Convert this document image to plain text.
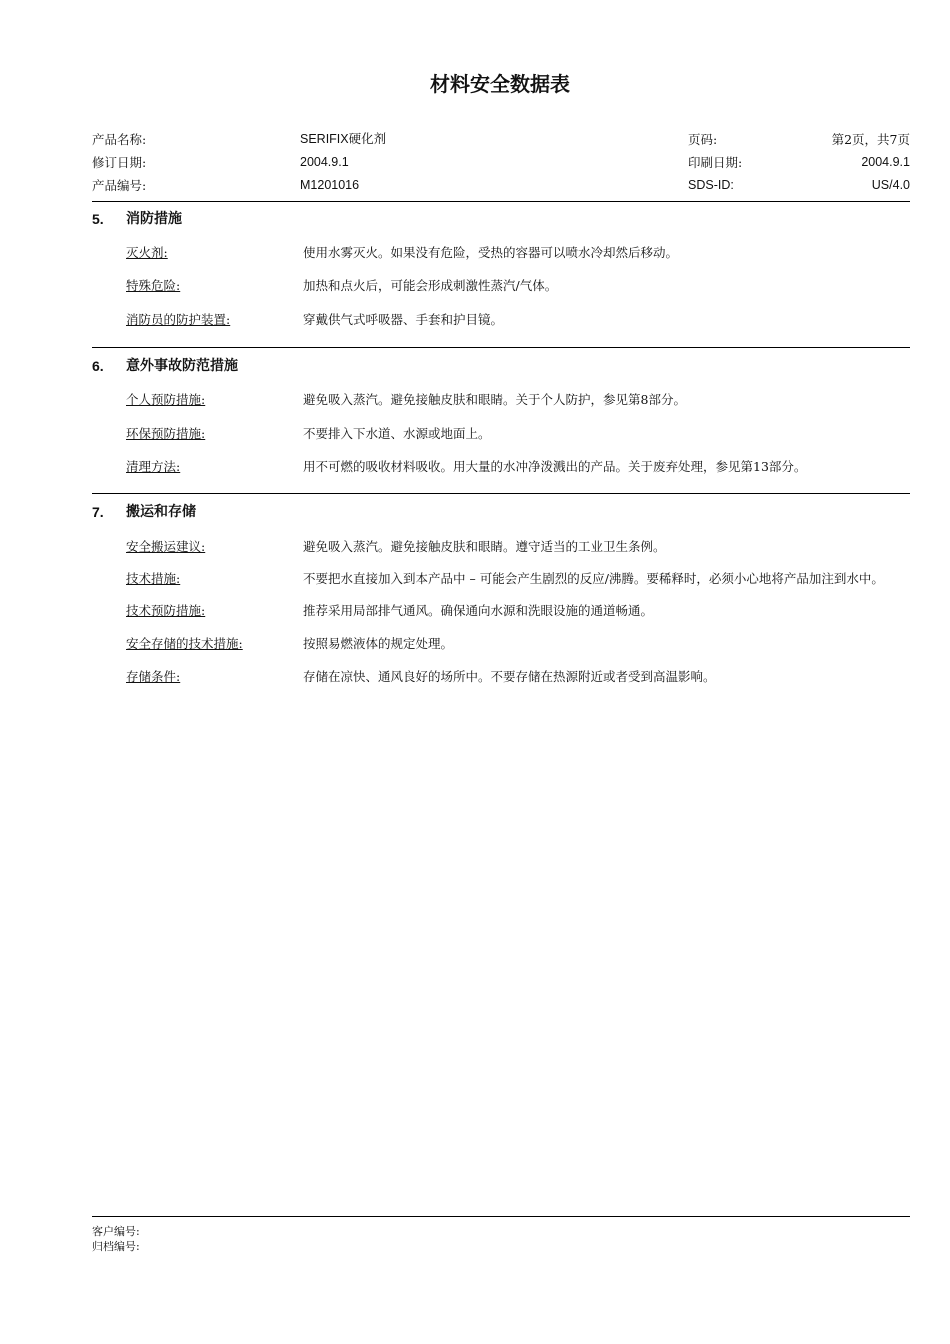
材料安全数据表
产品名称:	SERIFIX硬化剂	页码:	第2页，共7页
修订日期:	2004.9.1	印刷日期:	2004.9.1
产品编号:	M1201016	SDS-ID:	US/4.0
5.	消防措施
灭火剂:	使用水雾灭火。如果没有危险，受热的容器可以喷水冷却然后移动。
特殊危险:	加热和点火后，可能会形成刺激性蒸汽/气体。
消防员的防护装置:	穿戴供气式呼吸器、手套和护目镜。
6.	意外事故防范措施
个人预防措施:	避免吸入蒸汽。避免接触皮肤和眼睛。关于个人防护，参见第8部分。
环保预防措施:	不要排入下水道、水源或地面上。
清理方法:	用不可燃的吸收材料吸收。用大量的水冲净泼溅出的产品。关于废弃处理，参见第13部分。
7.	搬运和存储
安全搬运建议:	避免吸入蒸汽。避免接触皮肤和眼睛。遵守适当的工业卫生条例。
技术措施:	不要把水直接加入到本产品中 – 可能会产生剧烈的反应/沸腾。要稀释时，必须小心地将产品加注到水中。
技术预防措施:	推荐采用局部排气通风。确保通向水源和洗眼设施的通道畅通。
安全存储的技术措施:	按照易燃液体的规定处理。
存储条件:	存储在凉快、通风良好的场所中。不要存储在热源附近或者受到高温影响。
客户编号:
归档编号:
